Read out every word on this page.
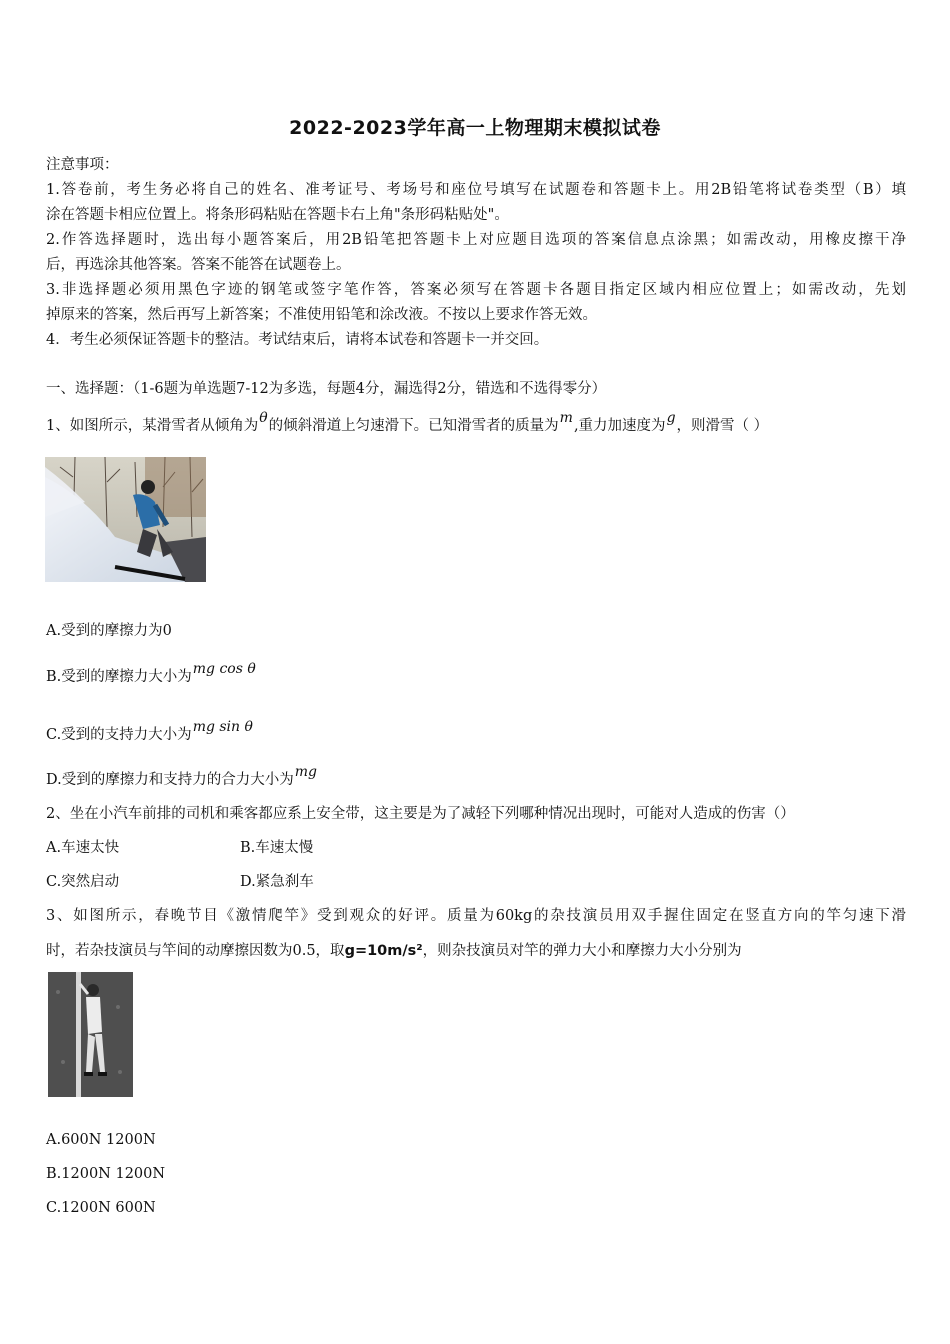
2022-2023学年高一上物理期末模拟试卷
注意事项：
1.答卷前，考生务必将自己的姓名、准考证号、考场号和座位号填写在试题卷和答题卡上。用2B铅笔将试卷类型（B）填
涂在答题卡相应位置上。将条形码粘贴在答题卡右上角"条形码粘贴处"。
2.作答选择题时，选出每小题答案后，用2B铅笔把答题卡上对应题目选项的答案信息点涂黑；如需改动，用橡皮擦干净
后，再选涂其他答案。答案不能答在试题卷上。
3.非选择题必须用黑色字迹的钢笔或签字笔作答，答案必须写在答题卡各题目指定区域内相应位置上；如需改动，先划
掉原来的答案，然后再写上新答案；不准使用铅笔和涂改液。不按以上要求作答无效。
4．考生必须保证答题卡的整洁。考试结束后，请将本试卷和答题卡一并交回。
一、选择题：（1-6题为单选题7-12为多选，每题4分，漏选得2分，错选和不选得零分）
1、如图所示，某滑雪者从倾角为θ的倾斜滑道上匀速滑下。已知滑雪者的质量为m,重力加速度为g，则滑雪（ ）
A.受到的摩擦力为0
B.受到的摩擦力大小为mg cos θ
C.受到的支持力大小为mg sin θ
D.受到的摩擦力和支持力的合力大小为mg
2、坐在小汽车前排的司机和乘客都应系上安全带，这主要是为了减轻下列哪种情况出现时，可能对人造成的伤害（）
A.车速太快	B.车速太慢
C.突然启动	D.紧急刹车
3、如图所示，春晚节目《激情爬竿》受到观众的好评。质量为60kg的杂技演员用双手握住固定在竖直方向的竿匀速下滑
时，若杂技演员与竿间的动摩擦因数为0.5，取g=10m/s²，则杂技演员对竿的弹力大小和摩擦力大小分别为
A.600N 1200N
B.1200N 1200N
C.1200N 600N
